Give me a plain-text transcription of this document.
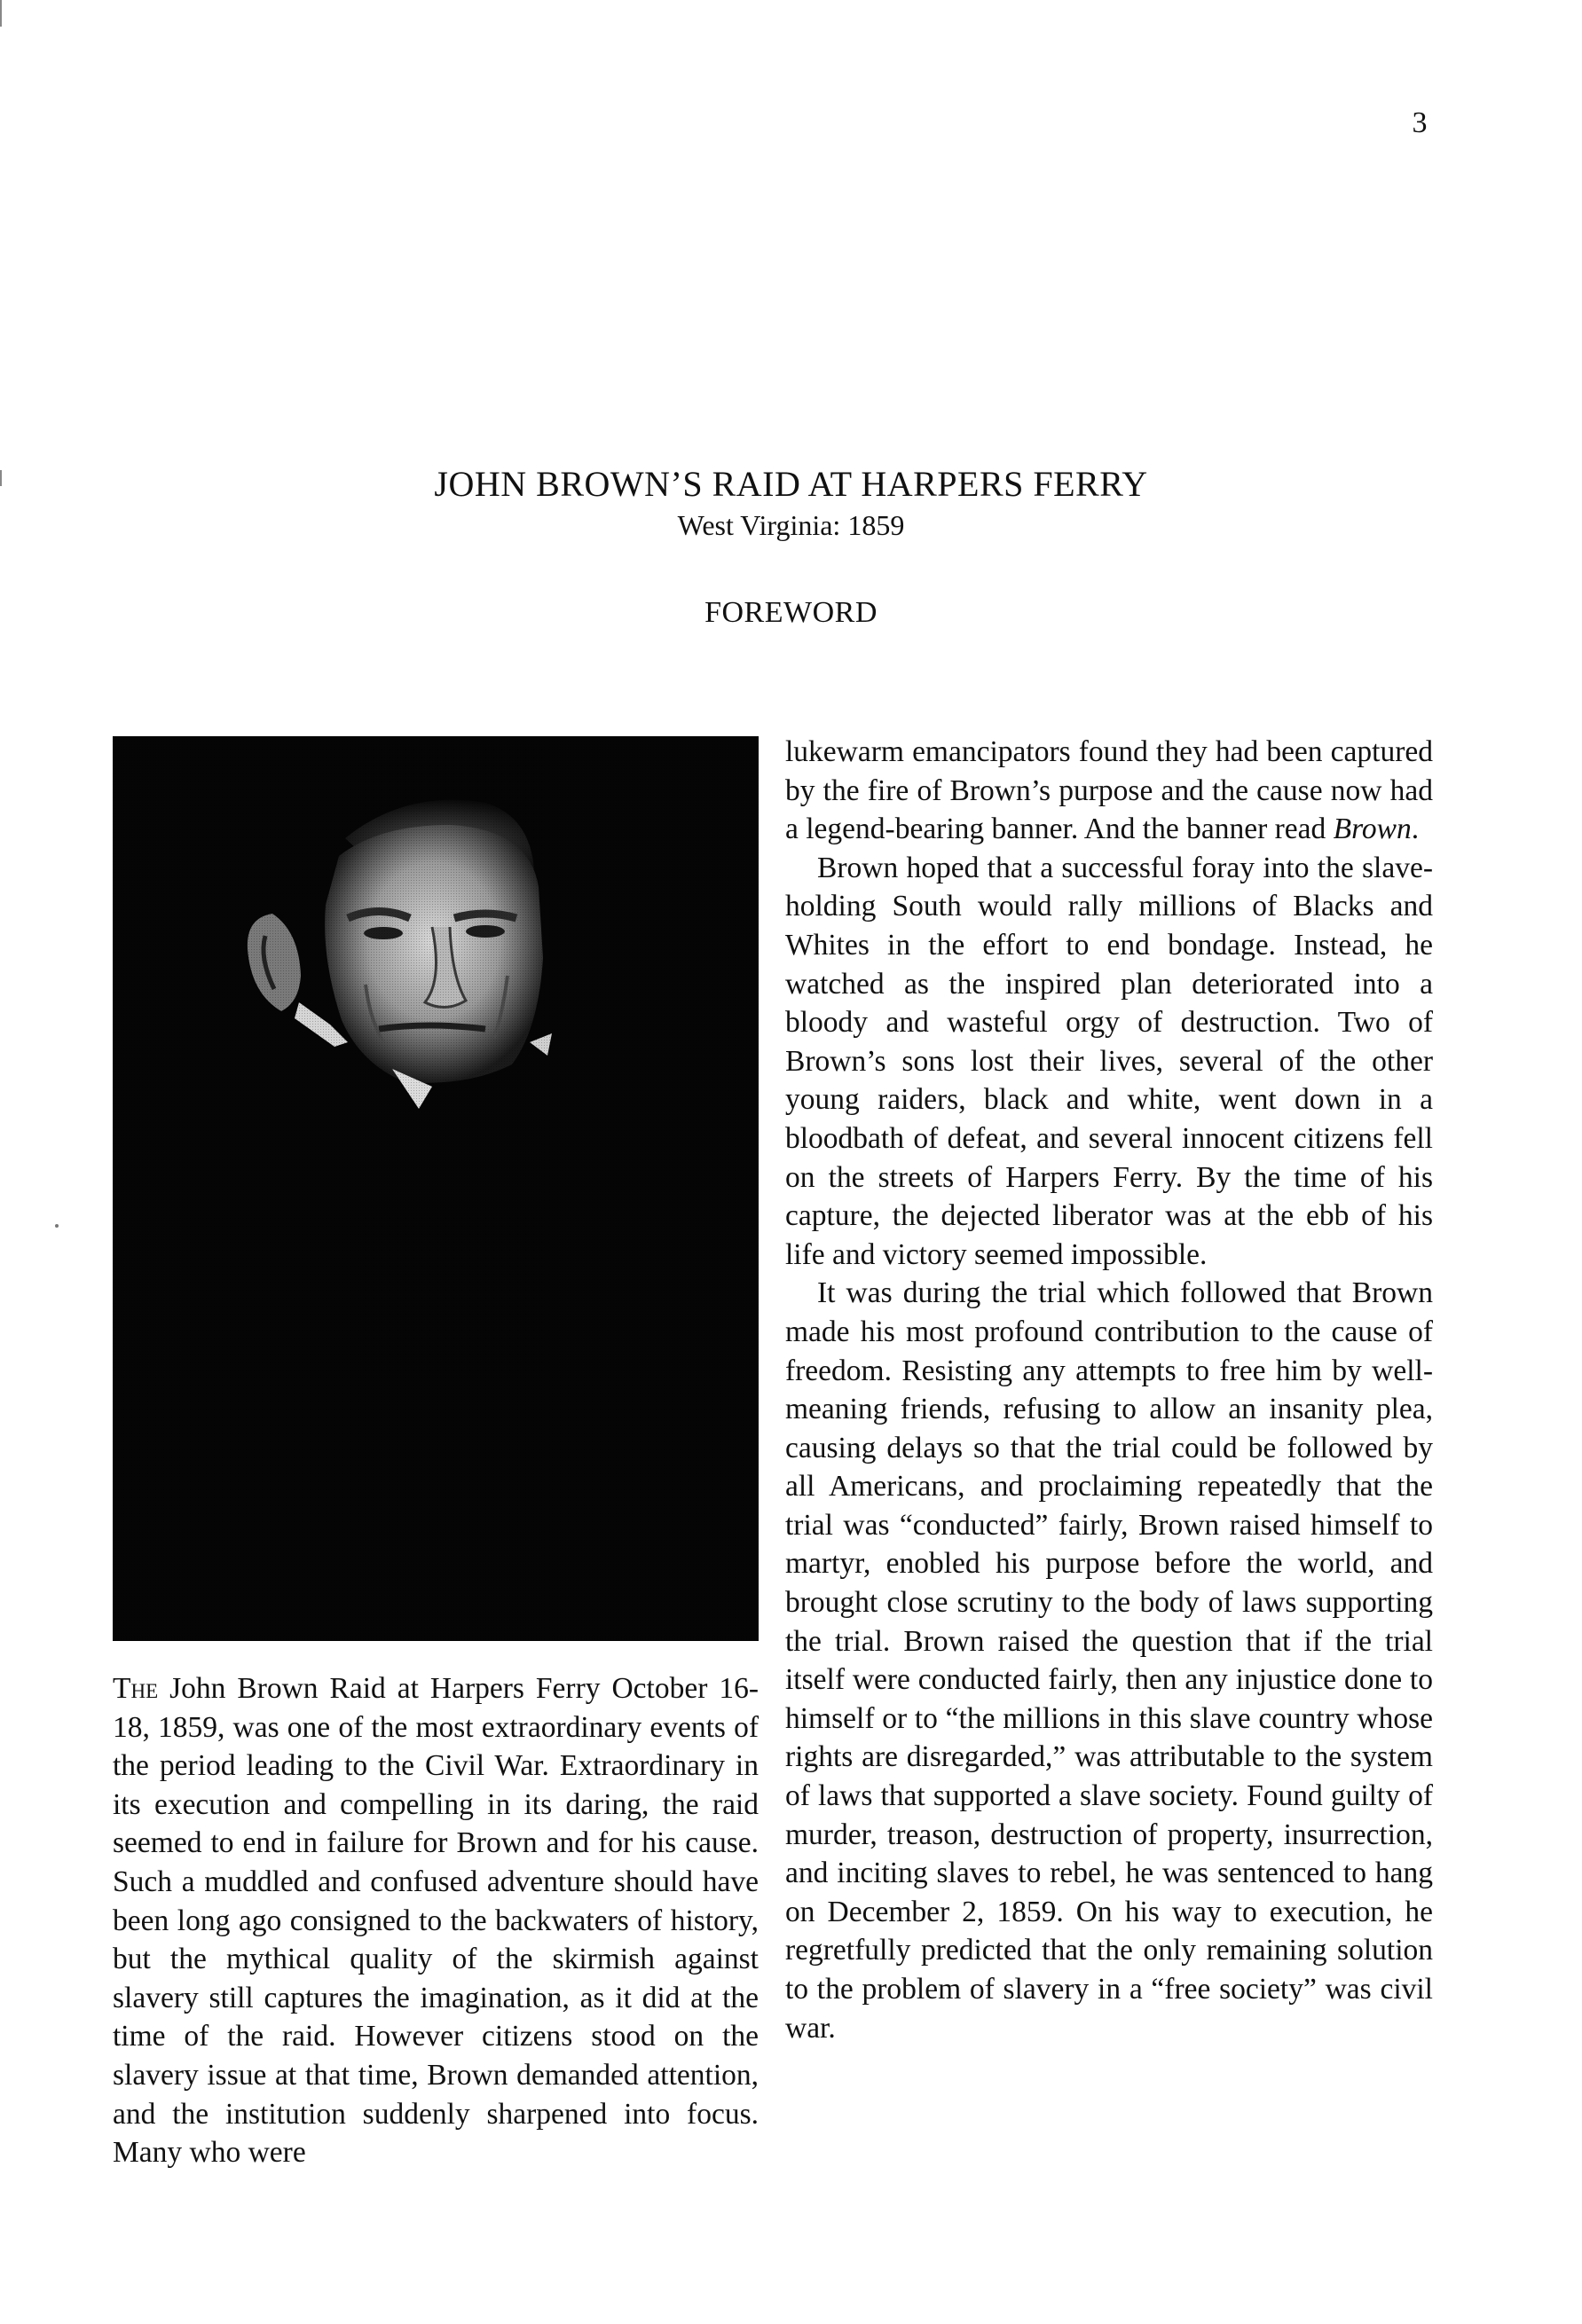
3
JOHN BROWN’S RAID AT HARPERS FERRY

West Virginia: 1859

FOREWORD

The John Brown Raid at Harpers Ferry October 16-18, 1859, was one of the most extraordinary events of the period leading to the Civil War. Extraordinary in its execution and compelling in its daring, the raid seemed to end in failure for Brown and for his cause. Such a muddled and confused adventure should have been long ago consigned to the backwaters of history, but the mythical quality of the skirmish against slavery still captures the imagination, as it did at the time of the raid. However citizens stood on the slavery issue at that time, Brown demanded attention, and the institution suddenly sharpened into focus. Many who were

lukewarm emancipators found they had been captured by the fire of Brown’s purpose and the cause now had a legend-bearing banner. And the banner read Brown.

Brown hoped that a successful foray into the slave-holding South would rally millions of Blacks and Whites in the effort to end bondage. Instead, he watched as the inspired plan deteriorated into a bloody and wasteful orgy of destruction. Two of Brown’s sons lost their lives, several of the other young raiders, black and white, went down in a bloodbath of defeat, and several innocent citizens fell on the streets of Harpers Ferry. By the time of his capture, the dejected liberator was at the ebb of his life and victory seemed impossible.

It was during the trial which followed that Brown made his most profound contribution to the cause of freedom. Resisting any attempts to free him by well-meaning friends, refusing to allow an insanity plea, causing delays so that the trial could be followed by all Americans, and proclaiming repeatedly that the trial was “conducted” fairly, Brown raised himself to martyr, enobled his purpose before the world, and brought close scrutiny to the body of laws supporting the trial. Brown raised the question that if the trial itself were conducted fairly, then any injustice done to himself or to “the millions in this slave country whose rights are disregarded,” was attributable to the system of laws that supported a slave society. Found guilty of murder, treason, destruction of property, insurrection, and inciting slaves to rebel, he was sentenced to hang on December 2, 1859. On his way to execution, he regretfully predicted that the only remaining solution to the problem of slavery in a “free society” was civil war.
